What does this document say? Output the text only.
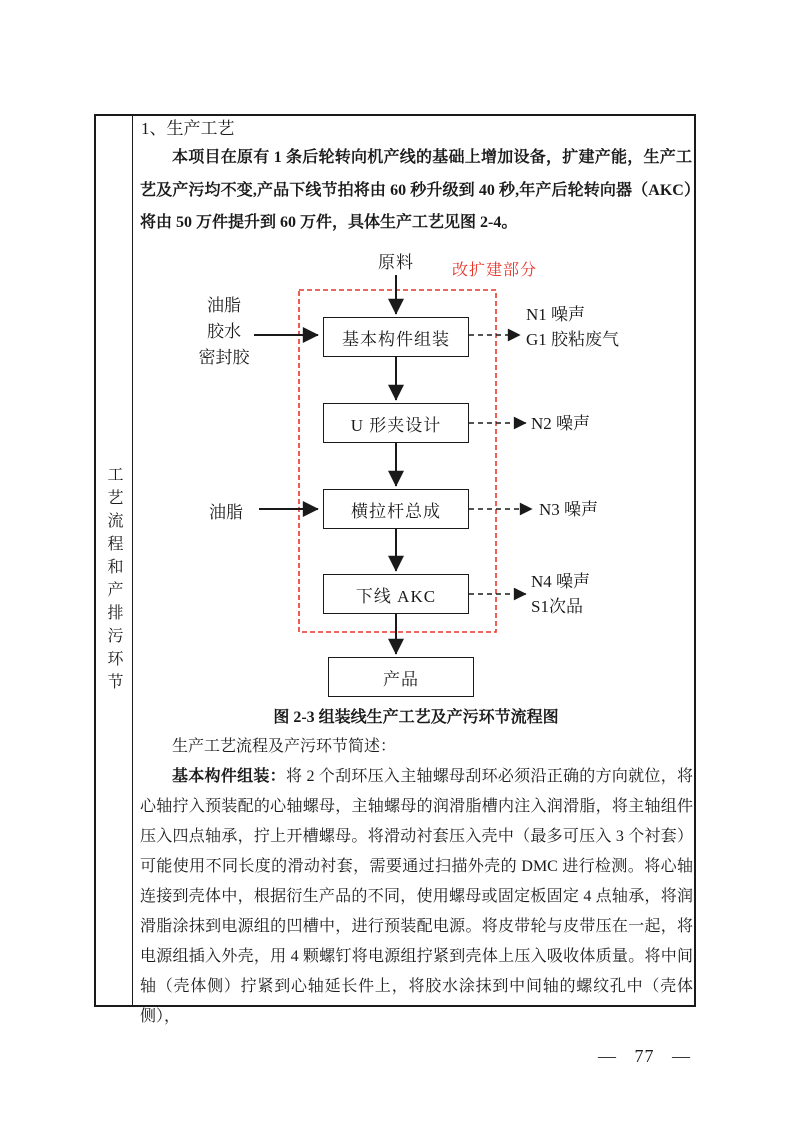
工艺流程和产排污环节
1、生产工艺
本项目在原有 1 条后轮转向机产线的基础上增加设备，扩建产能，生产工艺及产污均不变,产品下线节拍将由 60 秒升级到 40 秒,年产后轮转向器（AKC）将由 50 万件提升到 60 万件，具体生产工艺见图 2-4。
原料	改扩建部分
油脂
胶水
密封胶
油脂
基本构件组装
U 形夹设计
横拉杆总成
下线 AKC
产品
N1 噪声
G1 胶粘废气
N2 噪声
N3 噪声
N4 噪声
S1次品
图 2-3 组装线生产工艺及产污环节流程图
生产工艺流程及产污环节简述：

基本构件组装：将 2 个刮环压入主轴螺母刮环必须沿正确的方向就位，将心轴拧入预装配的心轴螺母，主轴螺母的润滑脂槽内注入润滑脂，将主轴组件压入四点轴承，拧上开槽螺母。将滑动衬套压入壳中（最多可压入 3 个衬套）可能使用不同长度的滑动衬套，需要通过扫描外壳的 DMC 进行检测。将心轴连接到壳体中，根据衍生产品的不同，使用螺母或固定板固定 4 点轴承，将润滑脂涂抹到电源组的凹槽中，进行预装配电源。将皮带轮与皮带压在一起，将电源组插入外壳，用 4 颗螺钉将电源组拧紧到壳体上压入吸收体质量。将中间轴（壳体侧）拧紧到心轴延长件上，将胶水涂抹到中间轴的螺纹孔中（壳体侧），

— 77 —
